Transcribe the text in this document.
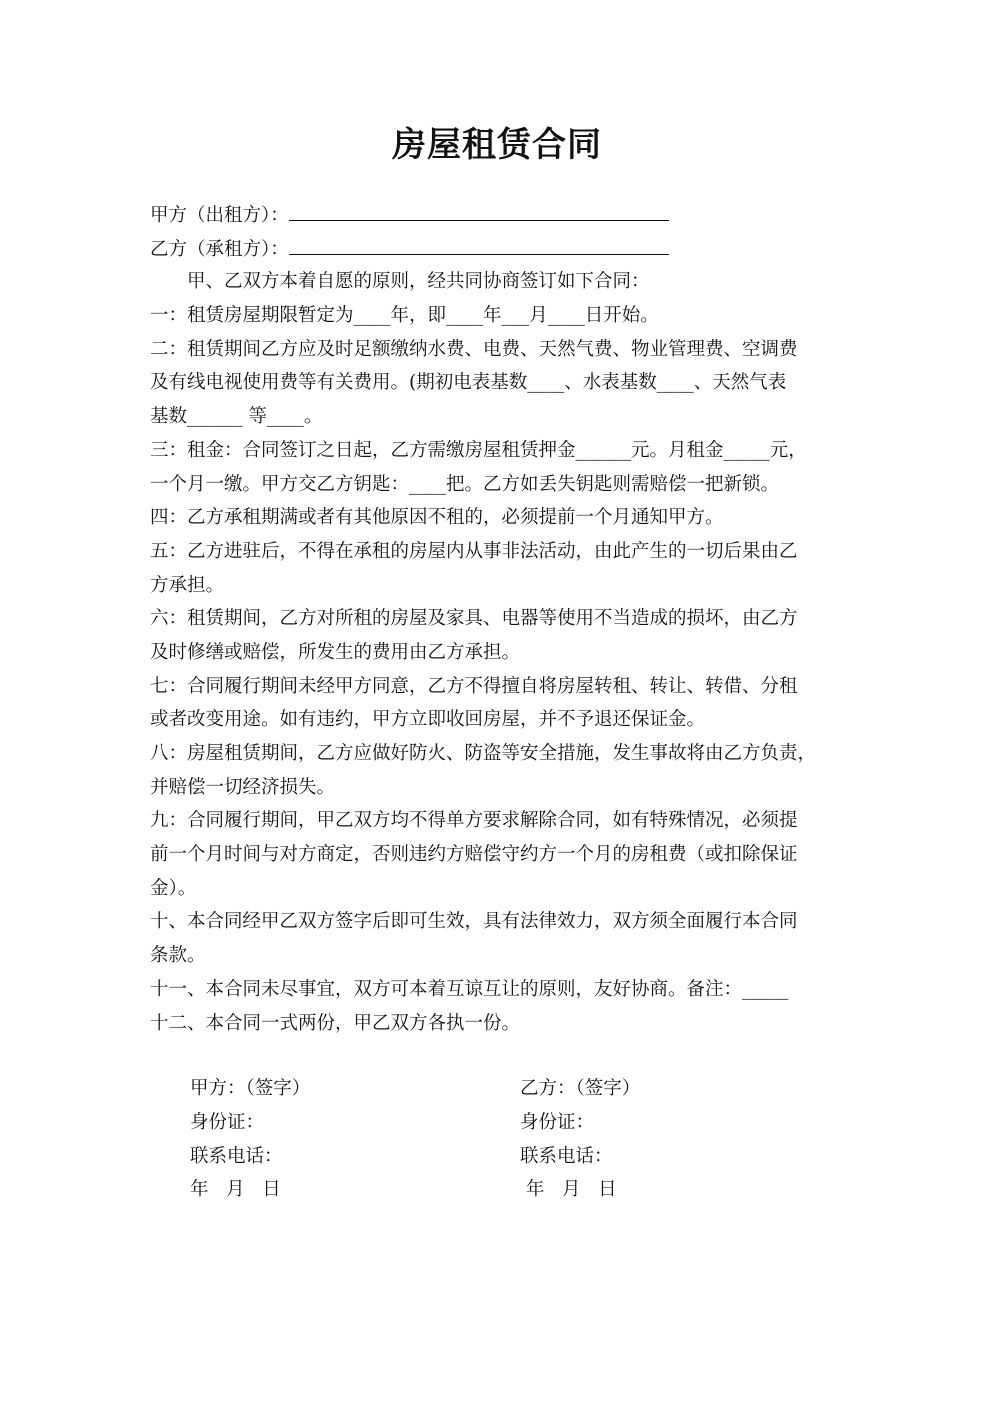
房屋租赁合同
甲方（出租方）：
乙方（承租方）：
甲、乙双方本着自愿的原则，经共同协商签订如下合同：
一：租赁房屋期限暂定为____年，即____年___月____日开始。
二：租赁期间乙方应及时足额缴纳水费、电费、天然气费、物业管理费、空调费
及有线电视使用费等有关费用。(期初电表基数____、水表基数____、天然气表
基数______ 等____。
三：租金：合同签订之日起，乙方需缴房屋租赁押金______元。月租金_____元，
一个月一缴。甲方交乙方钥匙：____把。乙方如丢失钥匙则需赔偿一把新锁。
四：乙方承租期满或者有其他原因不租的，必须提前一个月通知甲方。
五：乙方进驻后，不得在承租的房屋内从事非法活动，由此产生的一切后果由乙
方承担。
六：租赁期间，乙方对所租的房屋及家具、电器等使用不当造成的损坏，由乙方
及时修缮或赔偿，所发生的费用由乙方承担。
七：合同履行期间未经甲方同意，乙方不得擅自将房屋转租、转让、转借、分租
或者改变用途。如有违约，甲方立即收回房屋，并不予退还保证金。
八：房屋租赁期间，乙方应做好防火、防盗等安全措施，发生事故将由乙方负责，
并赔偿一切经济损失。
九：合同履行期间，甲乙双方均不得单方要求解除合同，如有特殊情况，必须提
前一个月时间与对方商定，否则违约方赔偿守约方一个月的房租费（或扣除保证
金）。
十、本合同经甲乙双方签字后即可生效，具有法律效力，双方须全面履行本合同
条款。
十一、本合同未尽事宜，双方可本着互谅互让的原则，友好协商。备注：_____
十二、本合同一式两份，甲乙双方各执一份。
甲方：（签字）
身份证：
联系电话：
年   月   日
乙方：（签字）
身份证：
联系电话：
年   月   日
